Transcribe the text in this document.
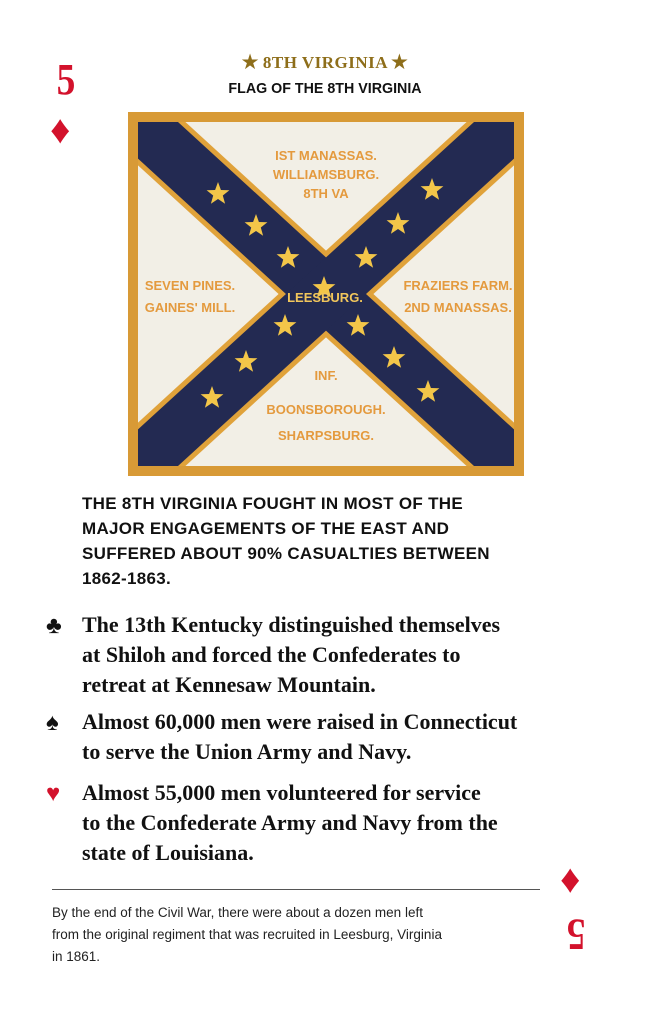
5
♦
✭ 8TH VIRGINIA ✭
FLAG OF THE 8TH VIRGINIA
IST MANASSAS.
WILLIAMSBURG.
8TH VA
SEVEN PINES.
GAINES' MILL.
LEESBURG.
FRAZIERS FARM.
2ND MANASSAS.
INF.
BOONSBOROUGH.
SHARPSBURG.
THE 8TH VIRGINIA FOUGHT IN MOST OF THE
MAJOR ENGAGEMENTS OF THE EAST AND
SUFFERED ABOUT 90% CASUALTIES BETWEEN
1862-1863.
♣ The 13th Kentucky distinguished themselves
at Shiloh and forced the Confederates to
retreat at Kennesaw Mountain.
♠ Almost 60,000 men were raised in Connecticut
to serve the Union Army and Navy.
♥ Almost 55,000 men volunteered for service
to the Confederate Army and Navy from the
state of Louisiana.
By the end of the Civil War, there were about a dozen men left
from the original regiment that was recruited in Leesburg, Virginia
in 1861.
♦
5
